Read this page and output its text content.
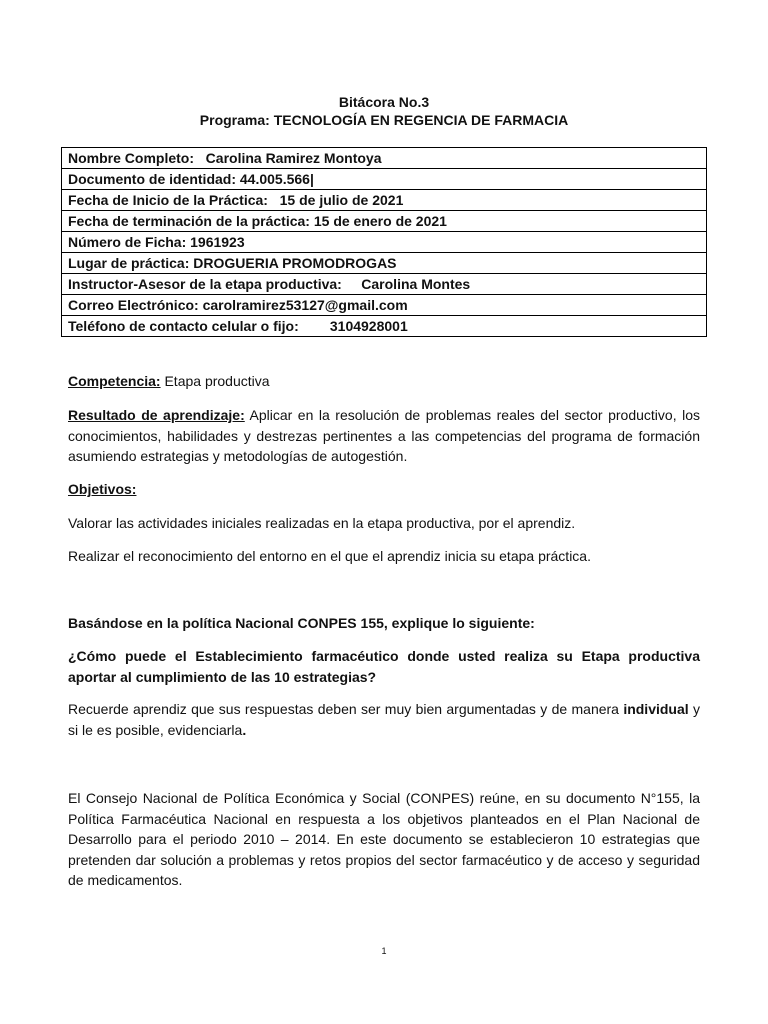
Bitácora No.3
Programa: TECNOLOGÍA EN REGENCIA DE FARMACIA
Nombre Completo:   Carolina Ramirez Montoya
Documento de identidad: 44.005.566|
Fecha de Inicio de la Práctica:   15 de julio de 2021
Fecha de terminación de la práctica: 15 de enero de 2021
Número de Ficha: 1961923
Lugar de práctica: DROGUERIA PROMODROGAS
Instructor-Asesor de la etapa productiva:     Carolina Montes
Correo Electrónico: carolramirez53127@gmail.com
Teléfono de contacto celular o fijo:        3104928001
Competencia: Etapa productiva
Resultado de aprendizaje: Aplicar en la resolución de problemas reales del sector productivo, los conocimientos, habilidades y destrezas pertinentes a las competencias del programa de formación asumiendo estrategias y metodologías de autogestión.
Objetivos:
Valorar las actividades iniciales realizadas en la etapa productiva, por el aprendiz.
Realizar el reconocimiento del entorno en el que el aprendiz inicia su etapa práctica.
Basándose en la política Nacional CONPES 155, explique lo siguiente:
¿Cómo puede el Establecimiento farmacéutico donde usted realiza su Etapa productiva aportar al cumplimiento de las 10 estrategias?
Recuerde aprendiz que sus respuestas deben ser muy bien argumentadas y de manera individual y si le es posible, evidenciarla.
El Consejo Nacional de Política Económica y Social (CONPES) reúne, en su documento N°155, la Política Farmacéutica Nacional en respuesta a los objetivos planteados en el Plan Nacional de Desarrollo para el periodo 2010 – 2014. En este documento se establecieron 10 estrategias que pretenden dar solución a problemas y retos propios del sector farmacéutico y de acceso y seguridad de medicamentos.
1
